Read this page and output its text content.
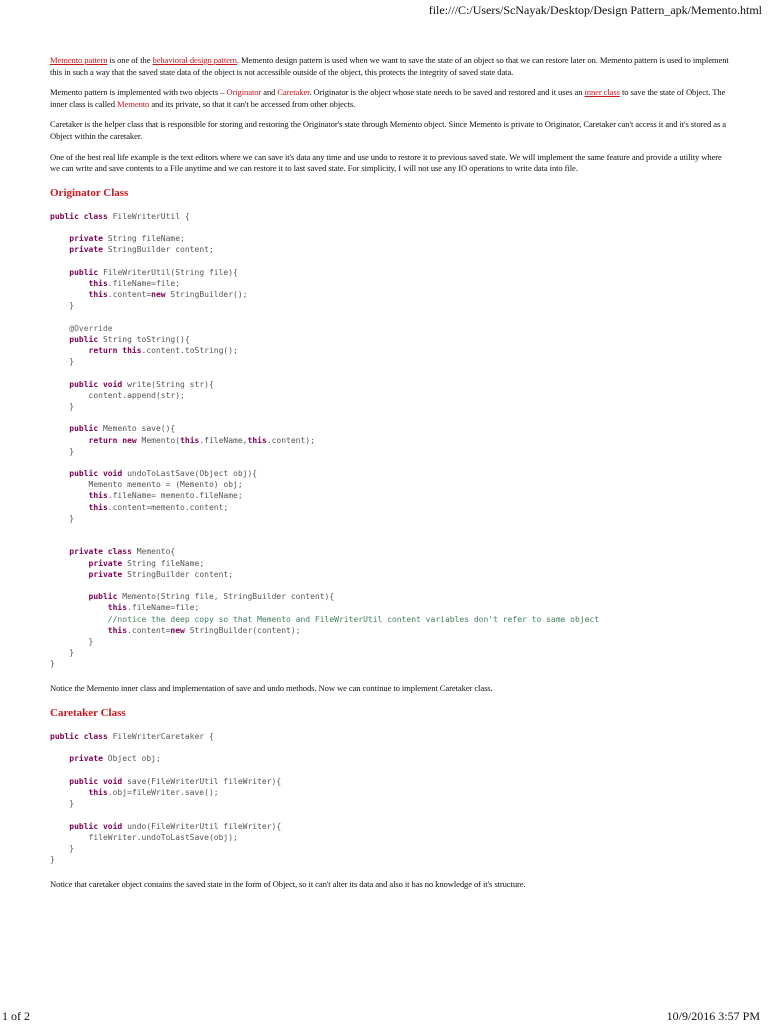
file:///C:/Users/ScNayak/Desktop/Design Pattern_apk/Memento.html

Memento pattern is one of the behavioral design pattern. Memento design pattern is used when we want to save the state of an object so that we can restore later on. Memento pattern is used to implement this in such a way that the saved state data of the object is not accessible outside of the object, this protects the integrity of saved state data.

Memento pattern is implemented with two objects – Originator and Caretaker. Originator is the object whose state needs to be saved and restored and it uses an inner class to save the state of Object. The inner class is called Memento and its private, so that it can't be accessed from other objects.

Caretaker is the helper class that is responsible for storing and restoring the Originator's state through Memento object. Since Memento is private to Originator, Caretaker can't access it and it's stored as a Object within the caretaker.

One of the best real life example is the text editors where we can save it's data any time and use undo to restore it to previous saved state. We will implement the same feature and provide a utility where we can write and save contents to a File anytime and we can restore it to last saved state. For simplicity, I will not use any IO operations to write data into file.

Originator Class
public class FileWriterUtil {

private String fileName;
private StringBuilder content;

public FileWriterUtil(String file){
this.fileName=file;
this.content=new StringBuilder();
}

@Override
public String toString(){
return this.content.toString();
}

public void write(String str){
content.append(str);
}

public Memento save(){
return new Memento(this.fileName,this.content);
}

public void undoToLastSave(Object obj){
Memento memento = (Memento) obj;
this.fileName= memento.fileName;
this.content=memento.content;
}

private class Memento{
private String fileName;
private StringBuilder content;

public Memento(String file, StringBuilder content){
this.fileName=file;
//notice the deep copy so that Memento and FileWriterUtil content variables don't refer to same object
this.content=new StringBuilder(content);
}
}
}

Notice the Memento inner class and implementation of save and undo methods. Now we can continue to implement Caretaker class.

Caretaker Class
public class FileWriterCaretaker {

private Object obj;

public void save(FileWriterUtil fileWriter){
this.obj=fileWriter.save();
}

public void undo(FileWriterUtil fileWriter){
fileWriter.undoToLastSave(obj);
}
}

Notice that caretaker object contains the saved state in the form of Object, so it can't alter its data and also it has no knowledge of it's structure.

1 of 2	10/9/2016 3:57 PM
